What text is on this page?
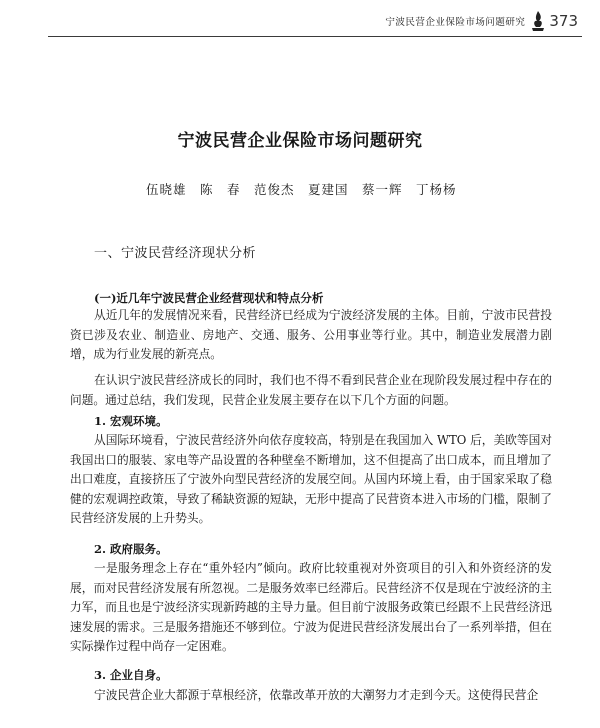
宁波民营企业保险市场问题研究 373
宁波民营企业保险市场问题研究
伍晓雄　陈　春　范俊杰　夏建国　蔡一辉　丁杨杨
一、宁波民营经济现状分析
(一)近几年宁波民营企业经营现状和特点分析

从近几年的发展情况来看，民营经济已经成为宁波经济发展的主体。目前，宁波市民营投资已涉及农业、制造业、房地产、交通、服务、公用事业等行业。其中，制造业发展潜力剧增，成为行业发展的新亮点。

在认识宁波民营经济成长的同时，我们也不得不看到民营企业在现阶段发展过程中存在的问题。通过总结，我们发现，民营企业发展主要存在以下几个方面的问题。

1. 宏观环境。

从国际环境看，宁波民营经济外向依存度较高，特别是在我国加入 WTO 后，美欧等国对我国出口的服装、家电等产品设置的各种壁垒不断增加，这不但提高了出口成本，而且增加了出口难度，直接挤压了宁波外向型民营经济的发展空间。从国内环境上看，由于国家采取了稳健的宏观调控政策，导致了稀缺资源的短缺，无形中提高了民营资本进入市场的门槛，限制了民营经济发展的上升势头。

2. 政府服务。

一是服务理念上存在“重外轻内”倾向。政府比较重视对外资项目的引入和外资经济的发展，而对民营经济发展有所忽视。二是服务效率已经滞后。民营经济不仅是现在宁波经济的主力军，而且也是宁波经济实现新跨越的主导力量。但目前宁波服务政策已经跟不上民营经济迅速发展的需求。三是服务措施还不够到位。宁波为促进民营经济发展出台了一系列举措，但在实际操作过程中尚存一定困难。

3. 企业自身。

宁波民营企业大都源于草根经济，依靠改革开放的大潮努力才走到今天。这使得民营企
